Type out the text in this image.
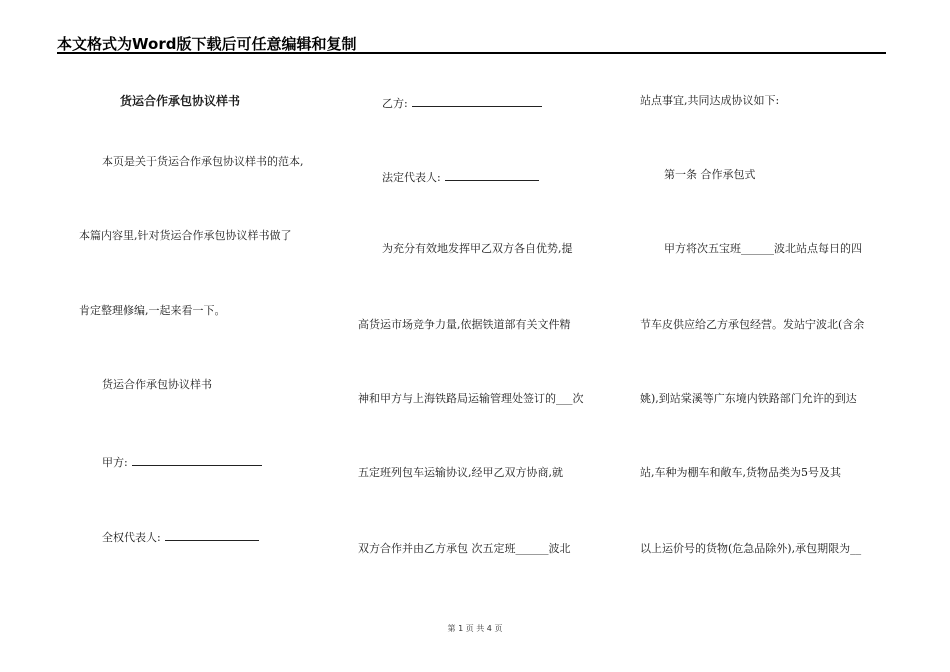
本文格式为Word版下载后可任意编辑和复制
货运合作承包协议样书
本页是关于货运合作承包协议样书的范本,
本篇内容里,针对货运合作承包协议样书做了
肯定整理修编,一起来看一下。
货运合作承包协议样书
甲方:
全权代表人:
乙方:
法定代表人:
为充分有效地发挥甲乙双方各自优势,提
高货运市场竞争力量,依据铁道部有关文件精
神和甲方与上海铁路局运输管理处签订的___次
五定班列包车运输协议,经甲乙双方协商,就
双方合作并由乙方承包 次五定班______波北
站点事宜,共同达成协议如下:
第一条 合作承包式
甲方将次五宝班______波北站点每日的四
节车皮供应给乙方承包经营。发站宁波北(含余
姚),到站棠溪等广东境内铁路部门允许的到达
站,车种为棚车和敞车,货物品类为5号及其
以上运价号的货物(危急品除外),承包期限为__
第 1 页 共 4 页
